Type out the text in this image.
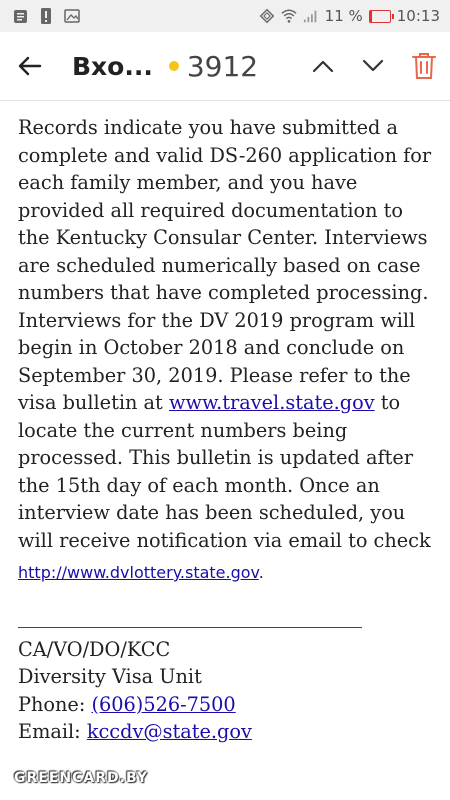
11 % 10:13
Вхо... 3912

Records indicate you have submitted a complete and valid DS-260 application for each family member, and you have provided all required documentation to the Kentucky Consular Center. Interviews are scheduled numerically based on case numbers that have completed processing. Interviews for the DV 2019 program will begin in October 2018 and conclude on September 30, 2019. Please refer to the visa bulletin at www.travel.state.gov to locate the current numbers being processed. This bulletin is updated after the 15th day of each month. Once an interview date has been scheduled, you will receive notification via email to check

http://www.dvlottery.state.gov.

CA/VO/DO/KCC
Diversity Visa Unit
Phone: (606)526-7500
Email: kccdv@state.gov
GREENCARD.BY
